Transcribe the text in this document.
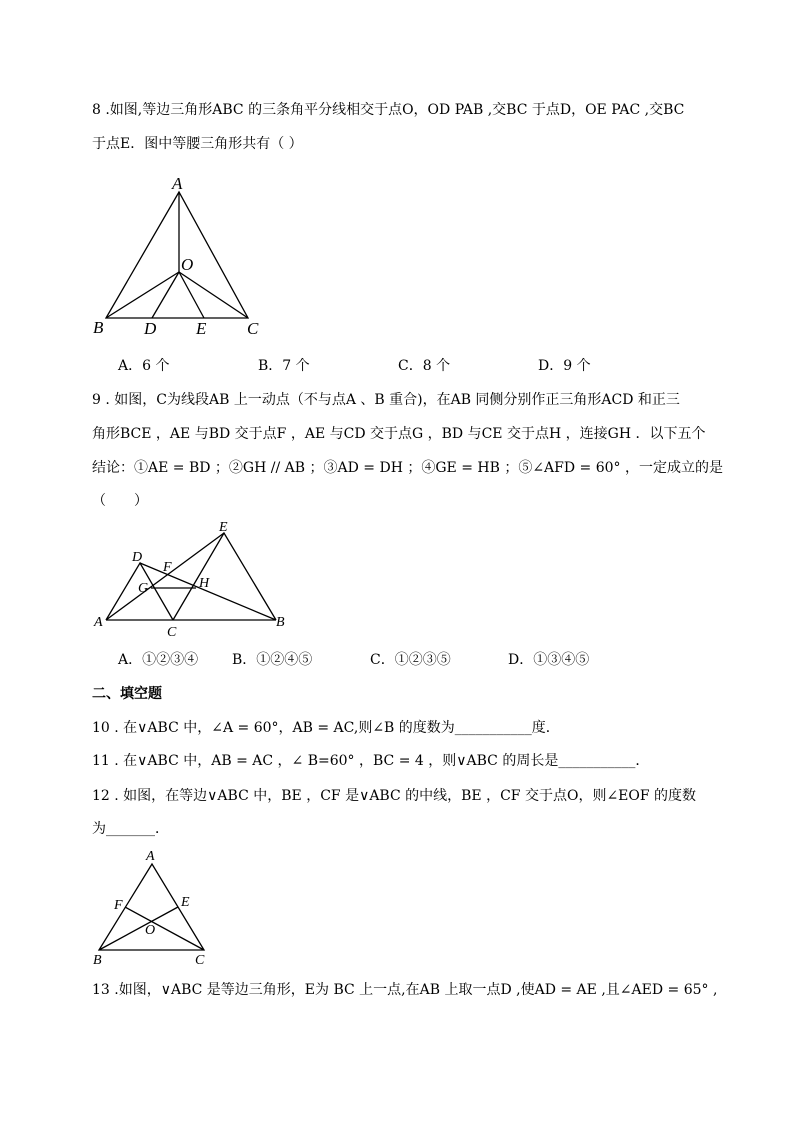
8 .如图,等边三角形ABC 的三条角平分线相交于点O，OD PAB ,交BC 于点D，OE PAC ,交BC
于点E．图中等腰三角形共有（ ）
A
B	C
D E
O
A．6 个	B．7 个	C．8 个	D．9 个
9 . 如图，C为线段AB 上一动点（不与点A 、B 重合)，在AB 同侧分别作正三角形ACD 和正三
角形BCE ，AE 与BD 交于点F ，AE 与CD 交于点G ，BD 与CE 交于点H ，连接GH ．以下五个
结论：①AE = BD ；②GH // AB ；③AD = DH ；④GE = HB ；⑤∠AFD = 60° ，一定成立的是
（　　）
A	B
C
D
E
F
G	H
A．①②③④ B．①②④⑤	C．①②③⑤	D．①③④⑤
二、填空题
10 . 在∨ABC 中，∠A = 60°，AB = AC,则∠B 的度数为___________度．
11 . 在∨ABC 中，AB = AC ，∠ B=60° ，BC = 4 ，则∨ABC 的周长是___________．
12 . 如图，在等边∨ABC 中，BE ，CF 是∨ABC 的中线，BE ，CF 交于点O，则∠EOF 的度数
为_______．
A
B	C
E
F
O
13 .如图，∨ABC 是等边三角形，E为 BC 上一点,在AB 上取一点D ,使AD = AE ,且∠AED = 65° ,
